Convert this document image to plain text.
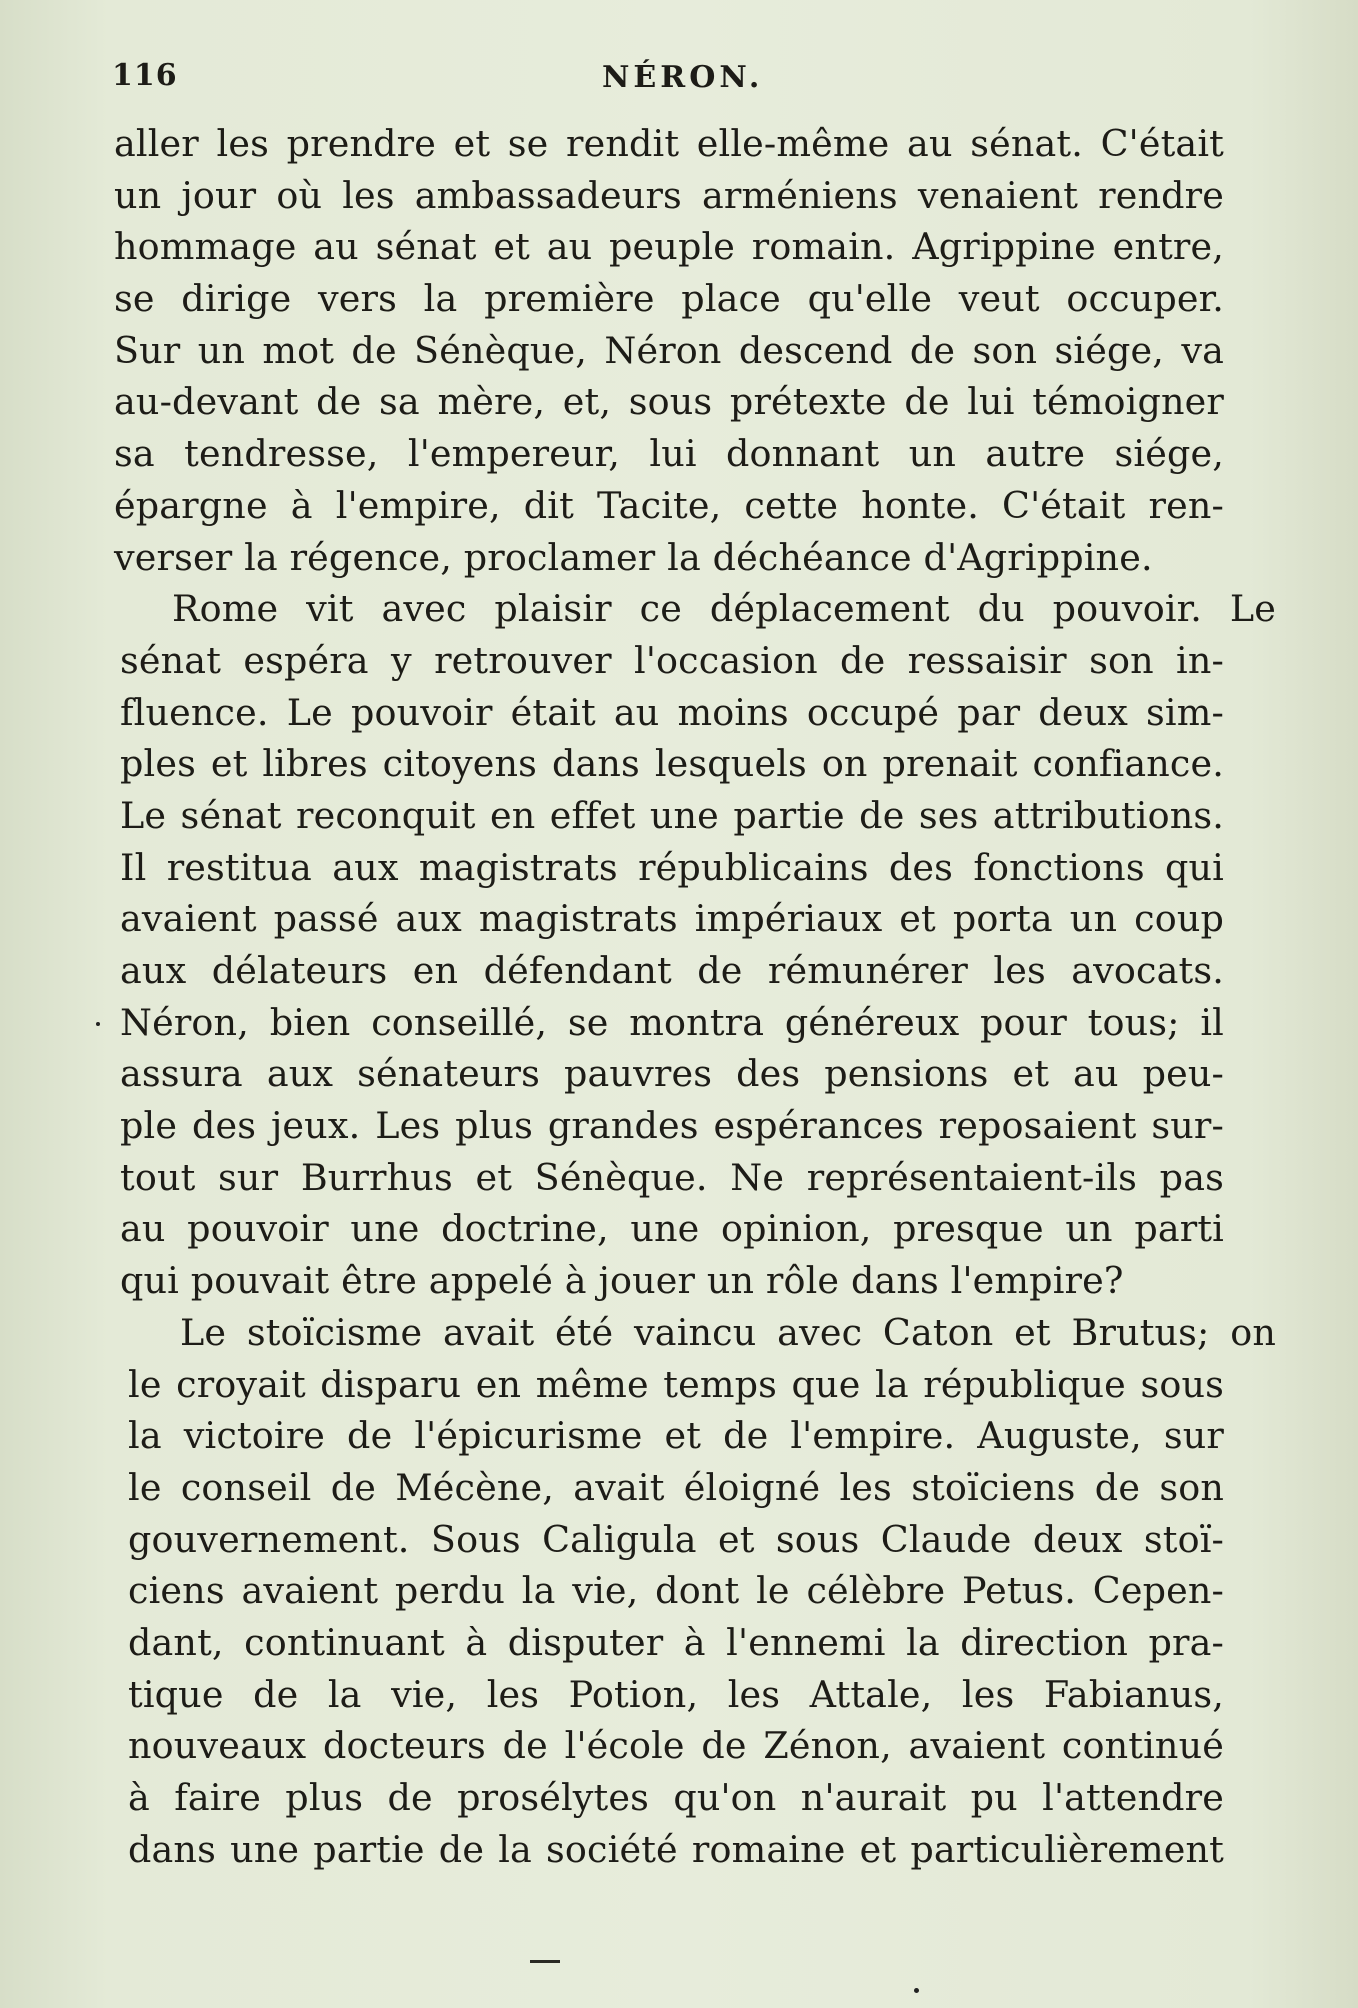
116	NÉRON.
aller les prendre et se rendit elle-même au sénat. C'était
un jour où les ambassadeurs arméniens venaient rendre
hommage au sénat et au peuple romain. Agrippine entre,
se dirige vers la première place qu'elle veut occuper.
Sur un mot de Sénèque, Néron descend de son siége, va
au-devant de sa mère, et, sous prétexte de lui témoigner
sa tendresse, l'empereur, lui donnant un autre siége,
épargne à l'empire, dit Tacite, cette honte. C'était ren-
verser la régence, proclamer la déchéance d'Agrippine.
Rome vit avec plaisir ce déplacement du pouvoir. Le
sénat espéra y retrouver l'occasion de ressaisir son in-
fluence. Le pouvoir était au moins occupé par deux sim-
ples et libres citoyens dans lesquels on prenait confiance.
Le sénat reconquit en effet une partie de ses attributions.
Il restitua aux magistrats républicains des fonctions qui
avaient passé aux magistrats impériaux et porta un coup
aux délateurs en défendant de rémunérer les avocats.
Néron, bien conseillé, se montra généreux pour tous; il
assura aux sénateurs pauvres des pensions et au peu-
ple des jeux. Les plus grandes espérances reposaient sur-
tout sur Burrhus et Sénèque. Ne représentaient-ils pas
au pouvoir une doctrine, une opinion, presque un parti
qui pouvait être appelé à jouer un rôle dans l'empire?
Le stoïcisme avait été vaincu avec Caton et Brutus; on
le croyait disparu en même temps que la république sous
la victoire de l'épicurisme et de l'empire. Auguste, sur
le conseil de Mécène, avait éloigné les stoïciens de son
gouvernement. Sous Caligula et sous Claude deux stoï-
ciens avaient perdu la vie, dont le célèbre Petus. Cepen-
dant, continuant à disputer à l'ennemi la direction pra-
tique de la vie, les Potion, les Attale, les Fabianus,
nouveaux docteurs de l'école de Zénon, avaient continué
à faire plus de prosélytes qu'on n'aurait pu l'attendre
dans une partie de la société romaine et particulièrement
